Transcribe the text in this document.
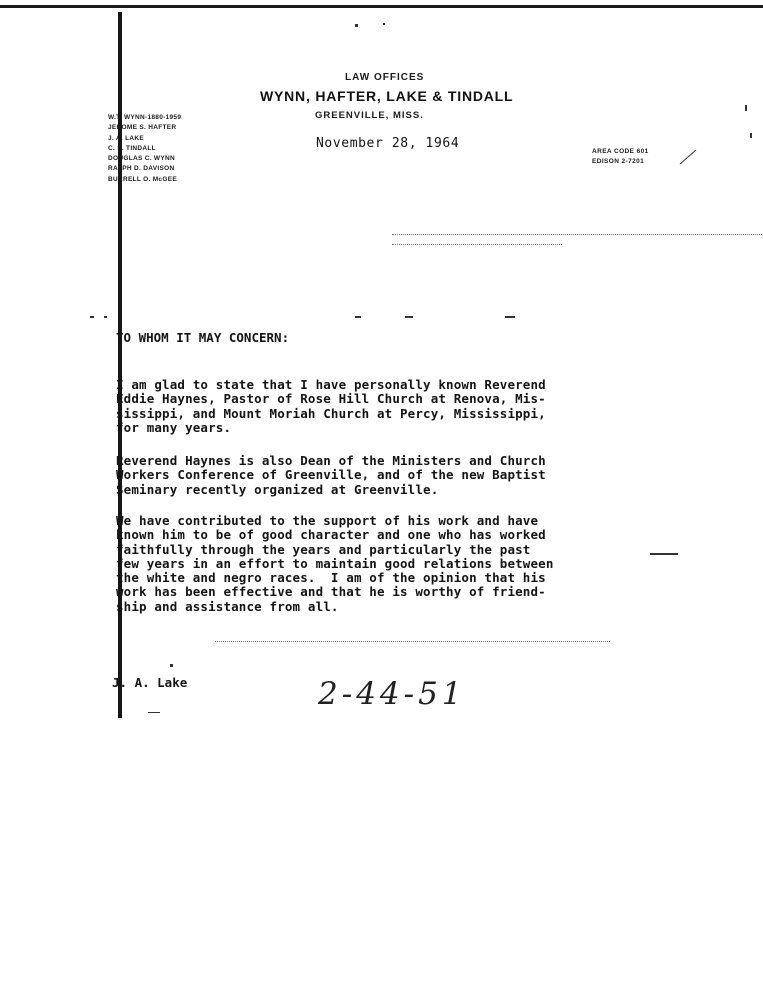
LAW OFFICES
WYNN, HAFTER, LAKE & TINDALL
GREENVILLE, MISS.
W.T. WYNN-1880-1959
JEROME S. HAFTER
J. A. LAKE
C. S. TINDALL
DOUGLAS C. WYNN
RALPH D. DAVISON
BURRELL O. McGEE
AREA CODE 601
EDISON 2-7201
November 28, 1964
TO WHOM IT MAY CONCERN:
I am glad to state that I have personally known Reverend
Eddie Haynes, Pastor of Rose Hill Church at Renova, Mis-
sissippi, and Mount Moriah Church at Percy, Mississippi,
for many years.
Reverend Haynes is also Dean of the Ministers and Church
Workers Conference of Greenville, and of the new Baptist
Seminary recently organized at Greenville.
We have contributed to the support of his work and have
known him to be of good character and one who has worked
faithfully through the years and particularly the past
few years in an effort to maintain good relations between
the white and negro races.  I am of the opinion that his
work has been effective and that he is worthy of friend-
ship and assistance from all.
J. A. Lake	2-44-51
